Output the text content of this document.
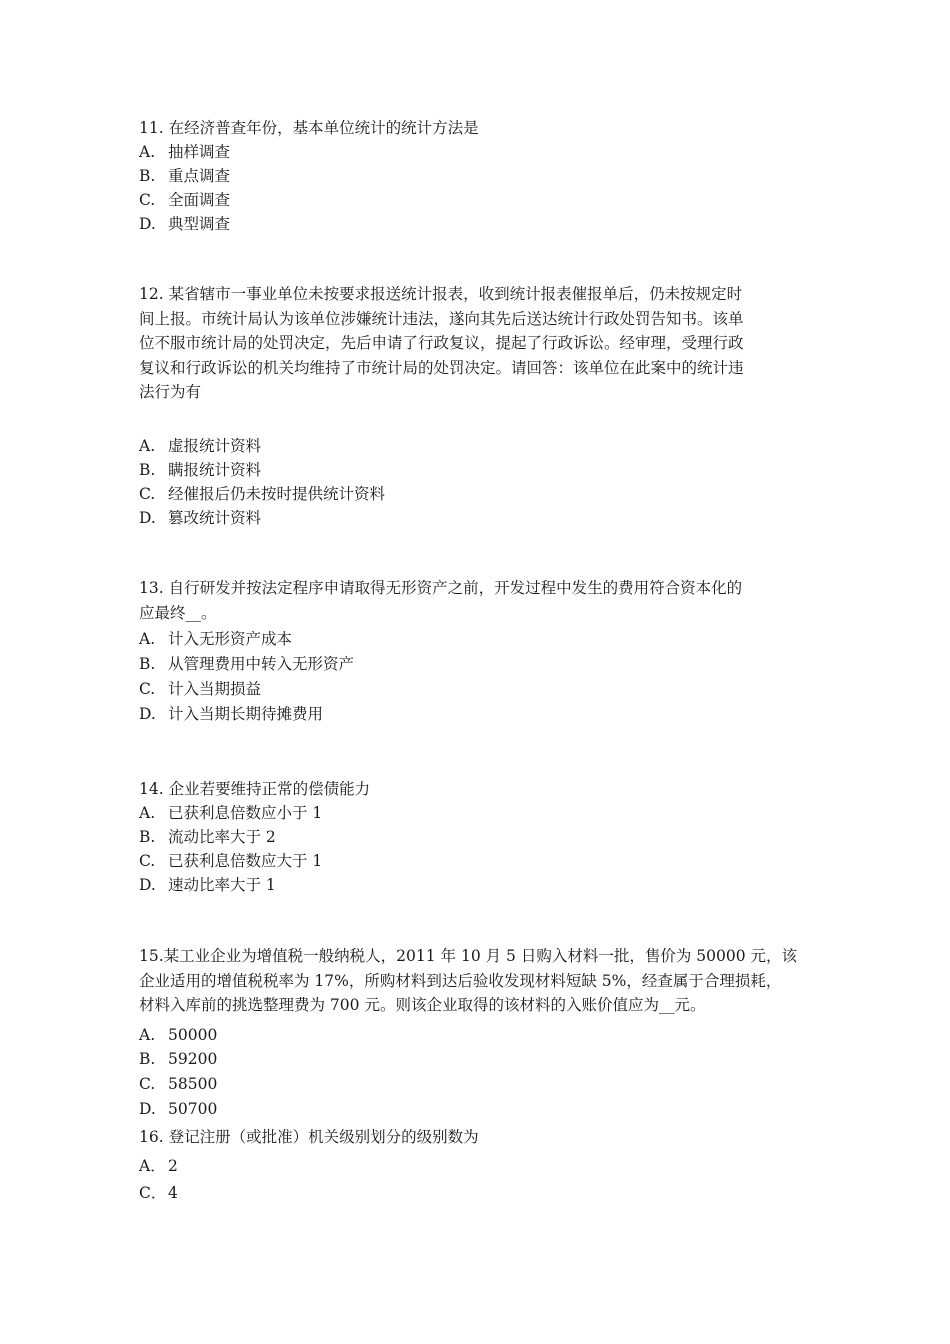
11. 在经济普查年份，基本单位统计的统计方法是
A. 抽样调查
B. 重点调查
C. 全面调查
D. 典型调查
12. 某省辖市一事业单位未按要求报送统计报表，收到统计报表催报单后，仍未按规定时
间上报。市统计局认为该单位涉嫌统计违法，遂向其先后送达统计行政处罚告知书。该单
位不服市统计局的处罚决定，先后申请了行政复议，提起了行政诉讼。经审理，受理行政
复议和行政诉讼的机关均维持了市统计局的处罚决定。请回答：该单位在此案中的统计违
法行为有
A. 虚报统计资料
B. 瞒报统计资料
C. 经催报后仍未按时提供统计资料
D. 篡改统计资料
13. 自行研发并按法定程序申请取得无形资产之前，开发过程中发生的费用符合资本化的
应最终__。
A. 计入无形资产成本
B. 从管理费用中转入无形资产
C. 计入当期损益
D. 计入当期长期待摊费用
14. 企业若要维持正常的偿债能力
A. 已获利息倍数应小于 1
B. 流动比率大于 2
C. 已获利息倍数应大于 1
D. 速动比率大于 1
15.某工业企业为增值税一般纳税人，2011 年 10 月 5 日购入材料一批，售价为 50000 元，该
企业适用的增值税税率为 17%，所购材料到达后验收发现材料短缺 5%，经查属于合理损耗，
材料入库前的挑选整理费为 700 元。则该企业取得的该材料的入账价值应为__元。
A. 50000
B. 59200
C. 58500
D. 50700
16. 登记注册（或批准）机关级别划分的级别数为
A． 2
C． 4
